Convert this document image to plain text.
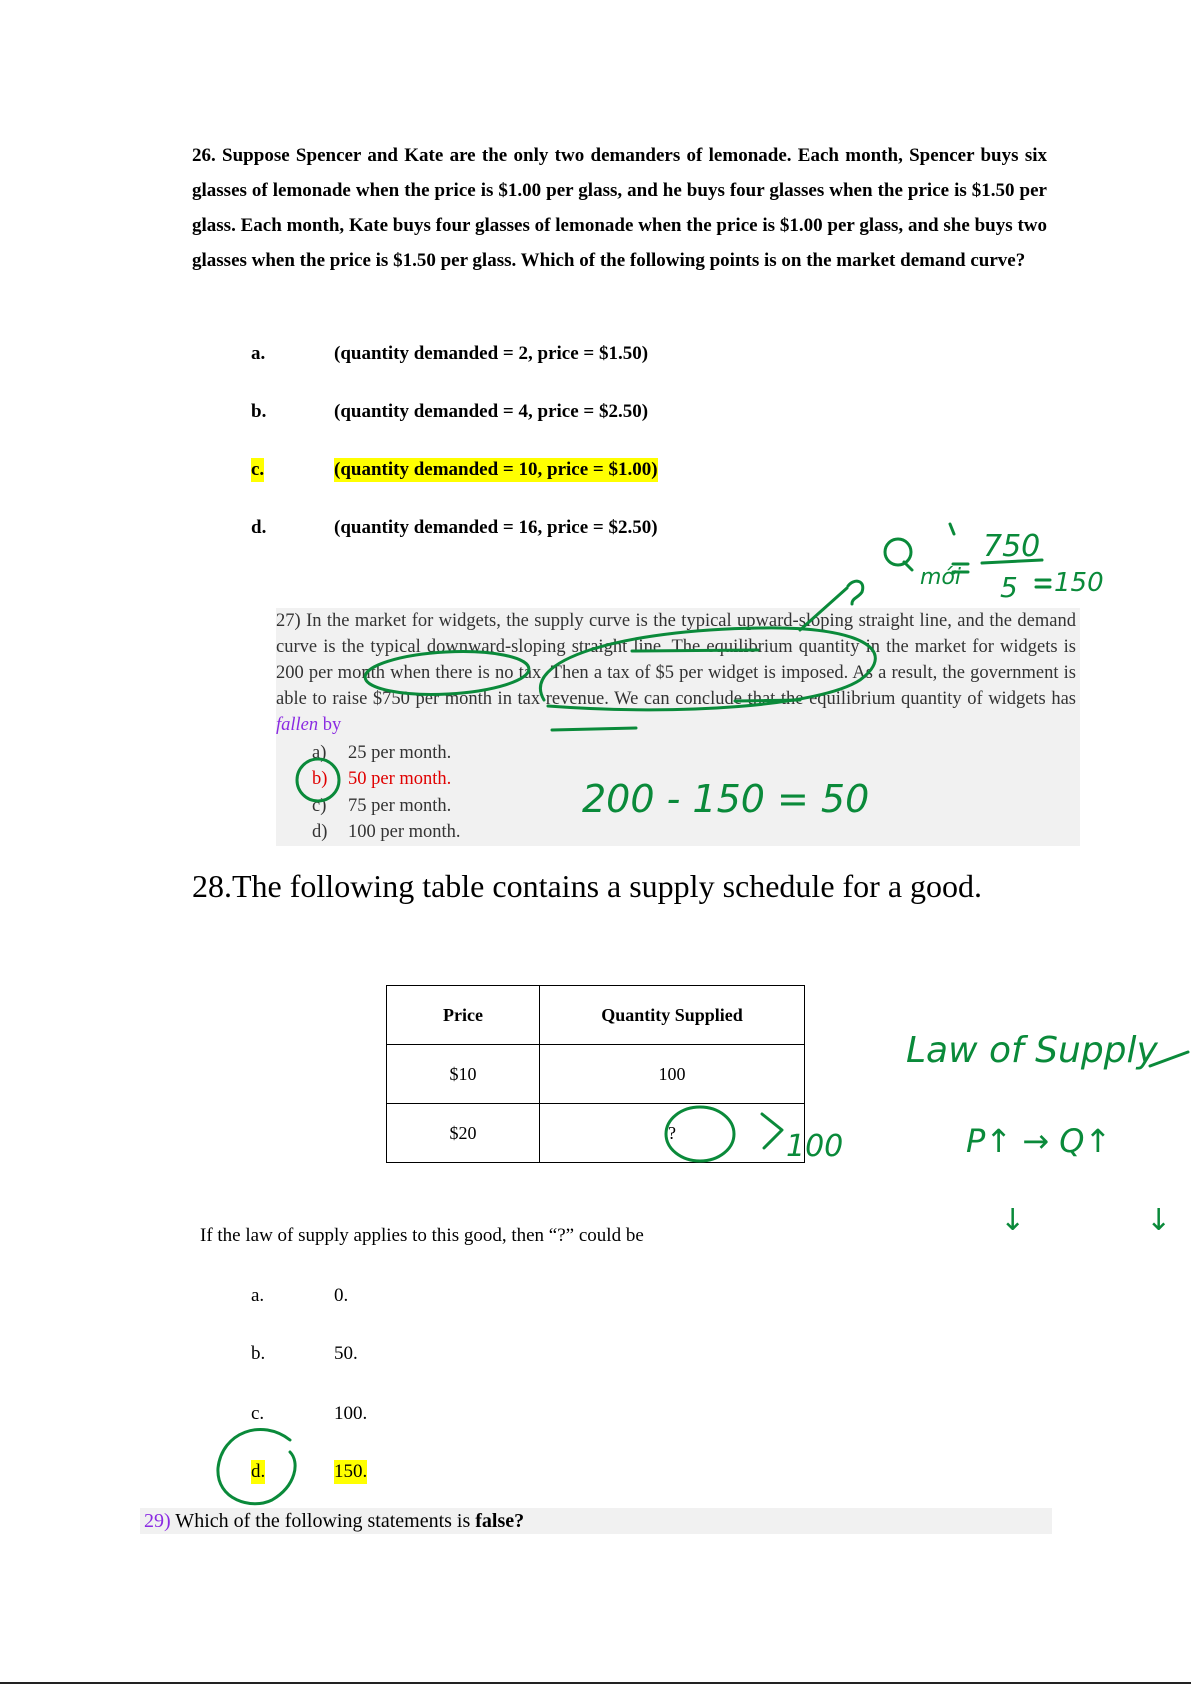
26. Suppose Spencer and Kate are the only two demanders of lemonade. Each month, Spencer buys six glasses of lemonade when the price is $1.00 per glass, and he buys four glasses when the price is $1.50 per glass. Each month, Kate buys four glasses of lemonade when the price is $1.00 per glass, and she buys two glasses when the price is $1.50 per glass. Which of the following points is on the market demand curve?
a.	(quantity demanded = 2, price = $1.50)
b.	(quantity demanded = 4, price = $2.50)
c.	(quantity demanded = 10, price = $1.00)
d.	(quantity demanded = 16, price = $2.50)
27) In the market for widgets, the supply curve is the typical upward-sloping straight line, and the demand curve is the typical downward-sloping straight line. The equilibrium quantity in the market for widgets is 200 per month when there is no tax. Then a tax of $5 per widget is imposed. As a result, the government is able to raise $750 per month in tax revenue. We can conclude that the equilibrium quantity of widgets has fallen by
a) 25 per month.
b) 50 per month.
c) 75 per month.
d) 100 per month.
28.The following table contains a supply schedule for a good.
Price	Quantity Supplied
$10	100
$20	?
If the law of supply applies to this good, then “?” could be
a.	0.
b.	50.
c.	100.
d.	150.
29) Which of the following statements is false?
mới
750
5 150
200 - 150 = 50
100
Law of Supply
P↑ → Q↑
↓	↓
